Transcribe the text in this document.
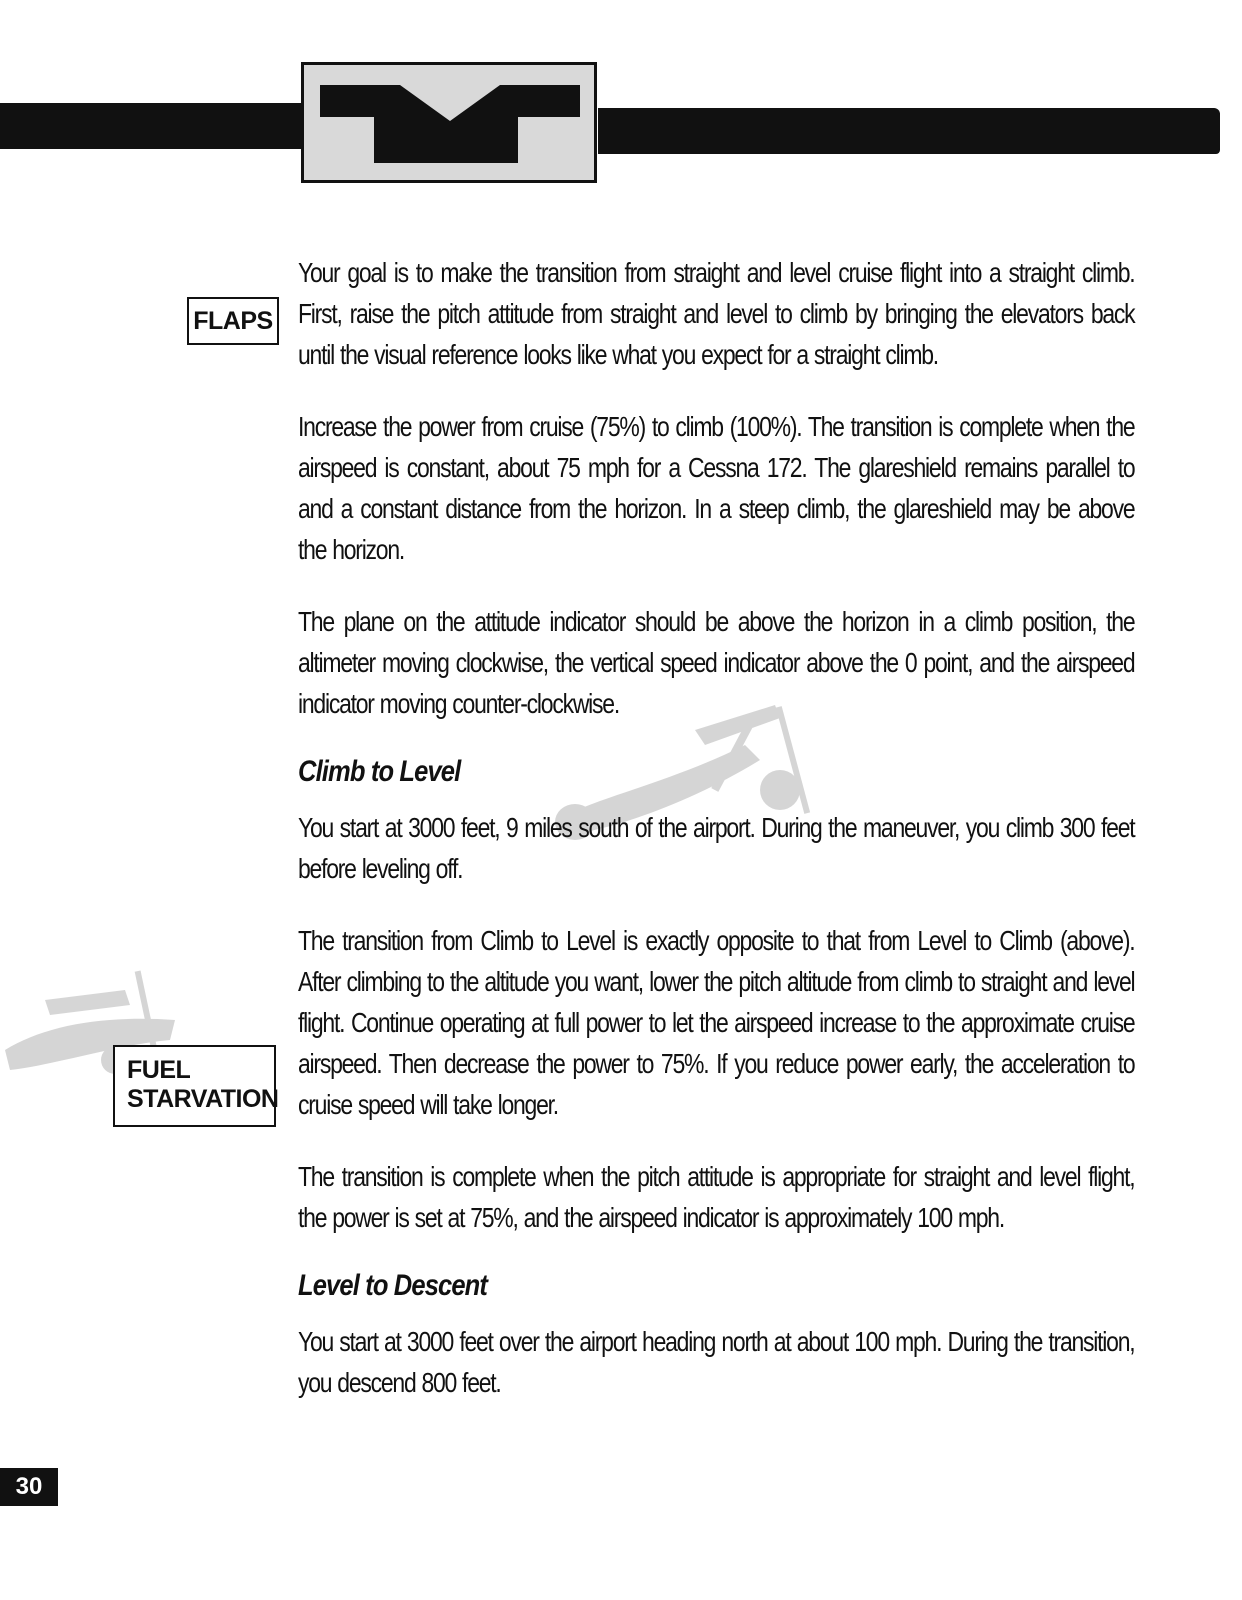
FLAPS
FUEL
STARVATION

Your goal is to make the transition from straight and level cruise flight into a straight climb. First, raise the pitch attitude from straight and level to climb by bringing the elevators back until the visual reference looks like what you expect for a straight climb.

Increase the power from cruise (75%) to climb (100%). The transition is complete when the airspeed is constant, about 75 mph for a Cessna 172. The glareshield remains parallel to and a constant distance from the horizon. In a steep climb, the glareshield may be above the horizon.

The plane on the attitude indicator should be above the horizon in a climb position, the altimeter moving clockwise, the vertical speed indicator above the 0 point, and the airspeed indicator moving counter-clockwise.

Climb to Level

You start at 3000 feet, 9 miles south of the airport. During the maneuver, you climb 300 feet before leveling off.

The transition from Climb to Level is exactly opposite to that from Level to Climb (above). After climbing to the altitude you want, lower the pitch altitude from climb to straight and level flight. Continue operating at full power to let the airspeed increase to the approximate cruise airspeed. Then decrease the power to 75%. If you reduce power early, the acceleration to cruise speed will take longer.

The transition is complete when the pitch attitude is appropriate for straight and level flight, the power is set at 75%, and the airspeed indicator is approximately 100 mph.

Level to Descent

You start at 3000 feet over the airport heading north at about 100 mph. During the transition, you descend 800 feet.

30
